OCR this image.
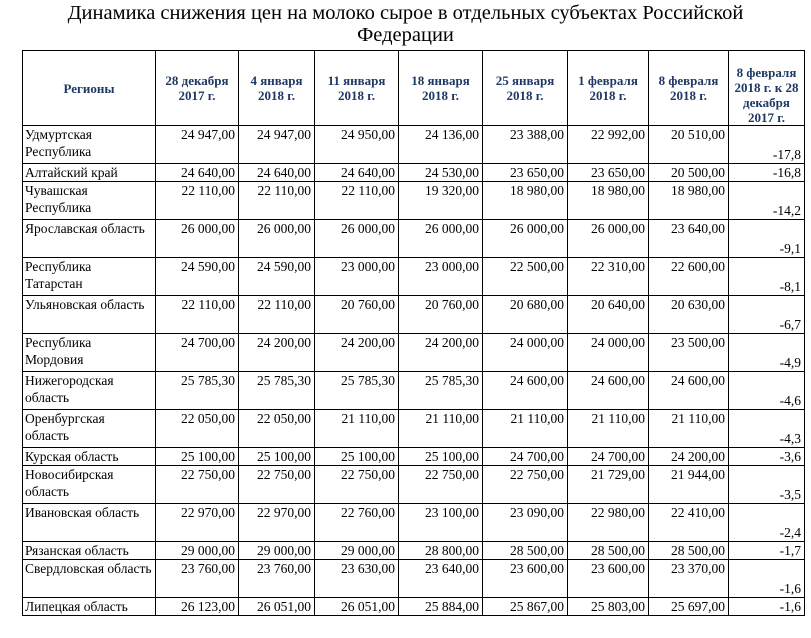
Динамика снижения цен на молоко сырое в отдельных субъектах Российской
Федерации
Регионы	28 декабря 2017 г.	4 января 2018 г.	11 января 2018 г.	18 января 2018 г.	25 января 2018 г.	1 февраля 2018 г.	8 февраля 2018 г.	8 февраля 2018 г. к 28 декабря 2017 г.
Удмуртская Республика	24 947,00	24 947,00	24 950,00	24 136,00	23 388,00	22 992,00	20 510,00	-17,8
Алтайский край	24 640,00	24 640,00	24 640,00	24 530,00	23 650,00	23 650,00	20 500,00	-16,8
Чувашская Республика	22 110,00	22 110,00	22 110,00	19 320,00	18 980,00	18 980,00	18 980,00	-14,2
Ярославская область	26 000,00	26 000,00	26 000,00	26 000,00	26 000,00	26 000,00	23 640,00	-9,1
Республика Татарстан	24 590,00	24 590,00	23 000,00	23 000,00	22 500,00	22 310,00	22 600,00	-8,1
Ульяновская область	22 110,00	22 110,00	20 760,00	20 760,00	20 680,00	20 640,00	20 630,00	-6,7
Республика Мордовия	24 700,00	24 200,00	24 200,00	24 200,00	24 000,00	24 000,00	23 500,00	-4,9
Нижегородская область	25 785,30	25 785,30	25 785,30	25 785,30	24 600,00	24 600,00	24 600,00	-4,6
Оренбургская область	22 050,00	22 050,00	21 110,00	21 110,00	21 110,00	21 110,00	21 110,00	-4,3
Курская область	25 100,00	25 100,00	25 100,00	25 100,00	24 700,00	24 700,00	24 200,00	-3,6
Новосибирская область	22 750,00	22 750,00	22 750,00	22 750,00	22 750,00	21 729,00	21 944,00	-3,5
Ивановская область	22 970,00	22 970,00	22 760,00	23 100,00	23 090,00	22 980,00	22 410,00	-2,4
Рязанская область	29 000,00	29 000,00	29 000,00	28 800,00	28 500,00	28 500,00	28 500,00	-1,7
Свердловская область	23 760,00	23 760,00	23 630,00	23 640,00	23 600,00	23 600,00	23 370,00	-1,6
Липецкая область	26 123,00	26 051,00	26 051,00	25 884,00	25 867,00	25 803,00	25 697,00	-1,6
